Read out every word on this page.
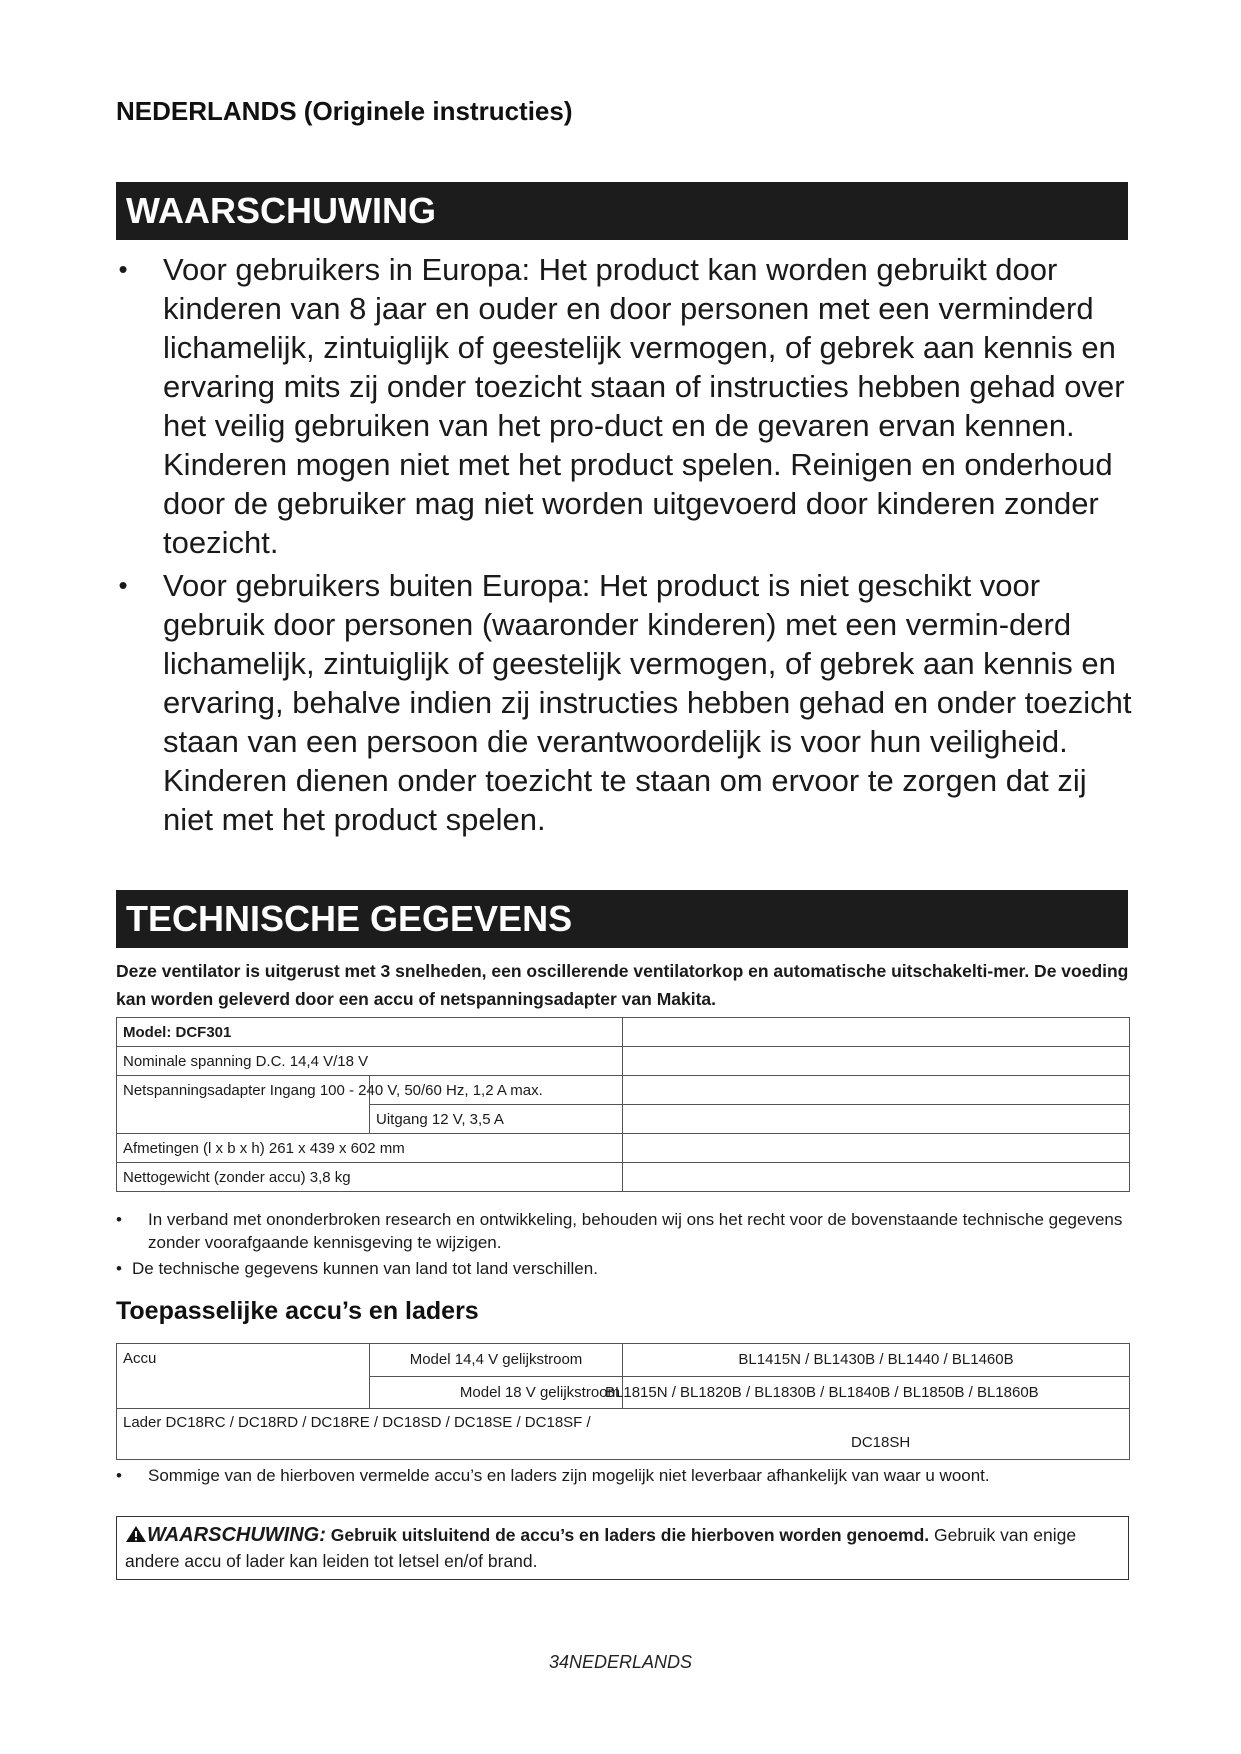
NEDERLANDS (Originele instructies)
WAARSCHUWING
• Voor gebruikers in Europa: Het product kan worden gebruikt door kinderen van 8 jaar en ouder en door personen met een verminderd lichamelijk, zintuiglijk of geestelijk vermogen, of gebrek aan kennis en ervaring mits zij onder toezicht staan of instructies hebben gehad over het veilig gebruiken van het pro-duct en de gevaren ervan kennen. Kinderen mogen niet met het product spelen. Reinigen en onderhoud door de gebruiker mag niet worden uitgevoerd door kinderen zonder toezicht.
• Voor gebruikers buiten Europa: Het product is niet geschikt voor gebruik door personen (waaronder kinderen) met een vermin-derd lichamelijk, zintuiglijk of geestelijk vermogen, of gebrek aan kennis en ervaring, behalve indien zij instructies hebben gehad en onder toezicht staan van een persoon die verantwoordelijk is voor hun veiligheid. Kinderen dienen onder toezicht te staan om ervoor te zorgen dat zij niet met het product spelen.
TECHNISCHE GEGEVENS
Deze ventilator is uitgerust met 3 snelheden, een oscillerende ventilatorkop en automatische uitschakelti-mer. De voeding kan worden geleverd door een accu of netspanningsadapter van Makita.
Model: DCF301		
Nominale spanning D.C. 14,4 V/18 V		
Netspanningsadapter Ingang 100 - 240 V, 50/60 Hz, 1,2 A max.		
	Uitgang 12 V, 3,5 A	
Afmetingen (l x b x h) 261 x 439 x 602 mm		
Nettogewicht (zonder accu) 3,8 kg		
• In verband met ononderbroken research en ontwikkeling, behouden wij ons het recht voor de bovenstaande technische gegevens zonder voorafgaande kennisgeving te wijzigen.
• De technische gegevens kunnen van land tot land verschillen.
Toepasselijke accu’s en laders
Accu	Model 14,4 V gelijkstroom	BL1415N / BL1430B / BL1440 / BL1460B
	Model 18 V gelijkstroom	BL1815N / BL1820B / BL1830B / BL1840B / BL1850B / BL1860B

Lader DC18RC / DC18RD / DC18RE / DC18SD / DC18SE / DC18SF /
DC18SH		
• Sommige van de hierboven vermelde accu’s en laders zijn mogelijk niet leverbaar afhankelijk van waar u woont.
WAARSCHUWING: Gebruik uitsluitend de accu’s en laders die hierboven worden genoemd. Gebruik van enige andere accu of lader kan leiden tot letsel en/of brand.
34NEDERLANDS
